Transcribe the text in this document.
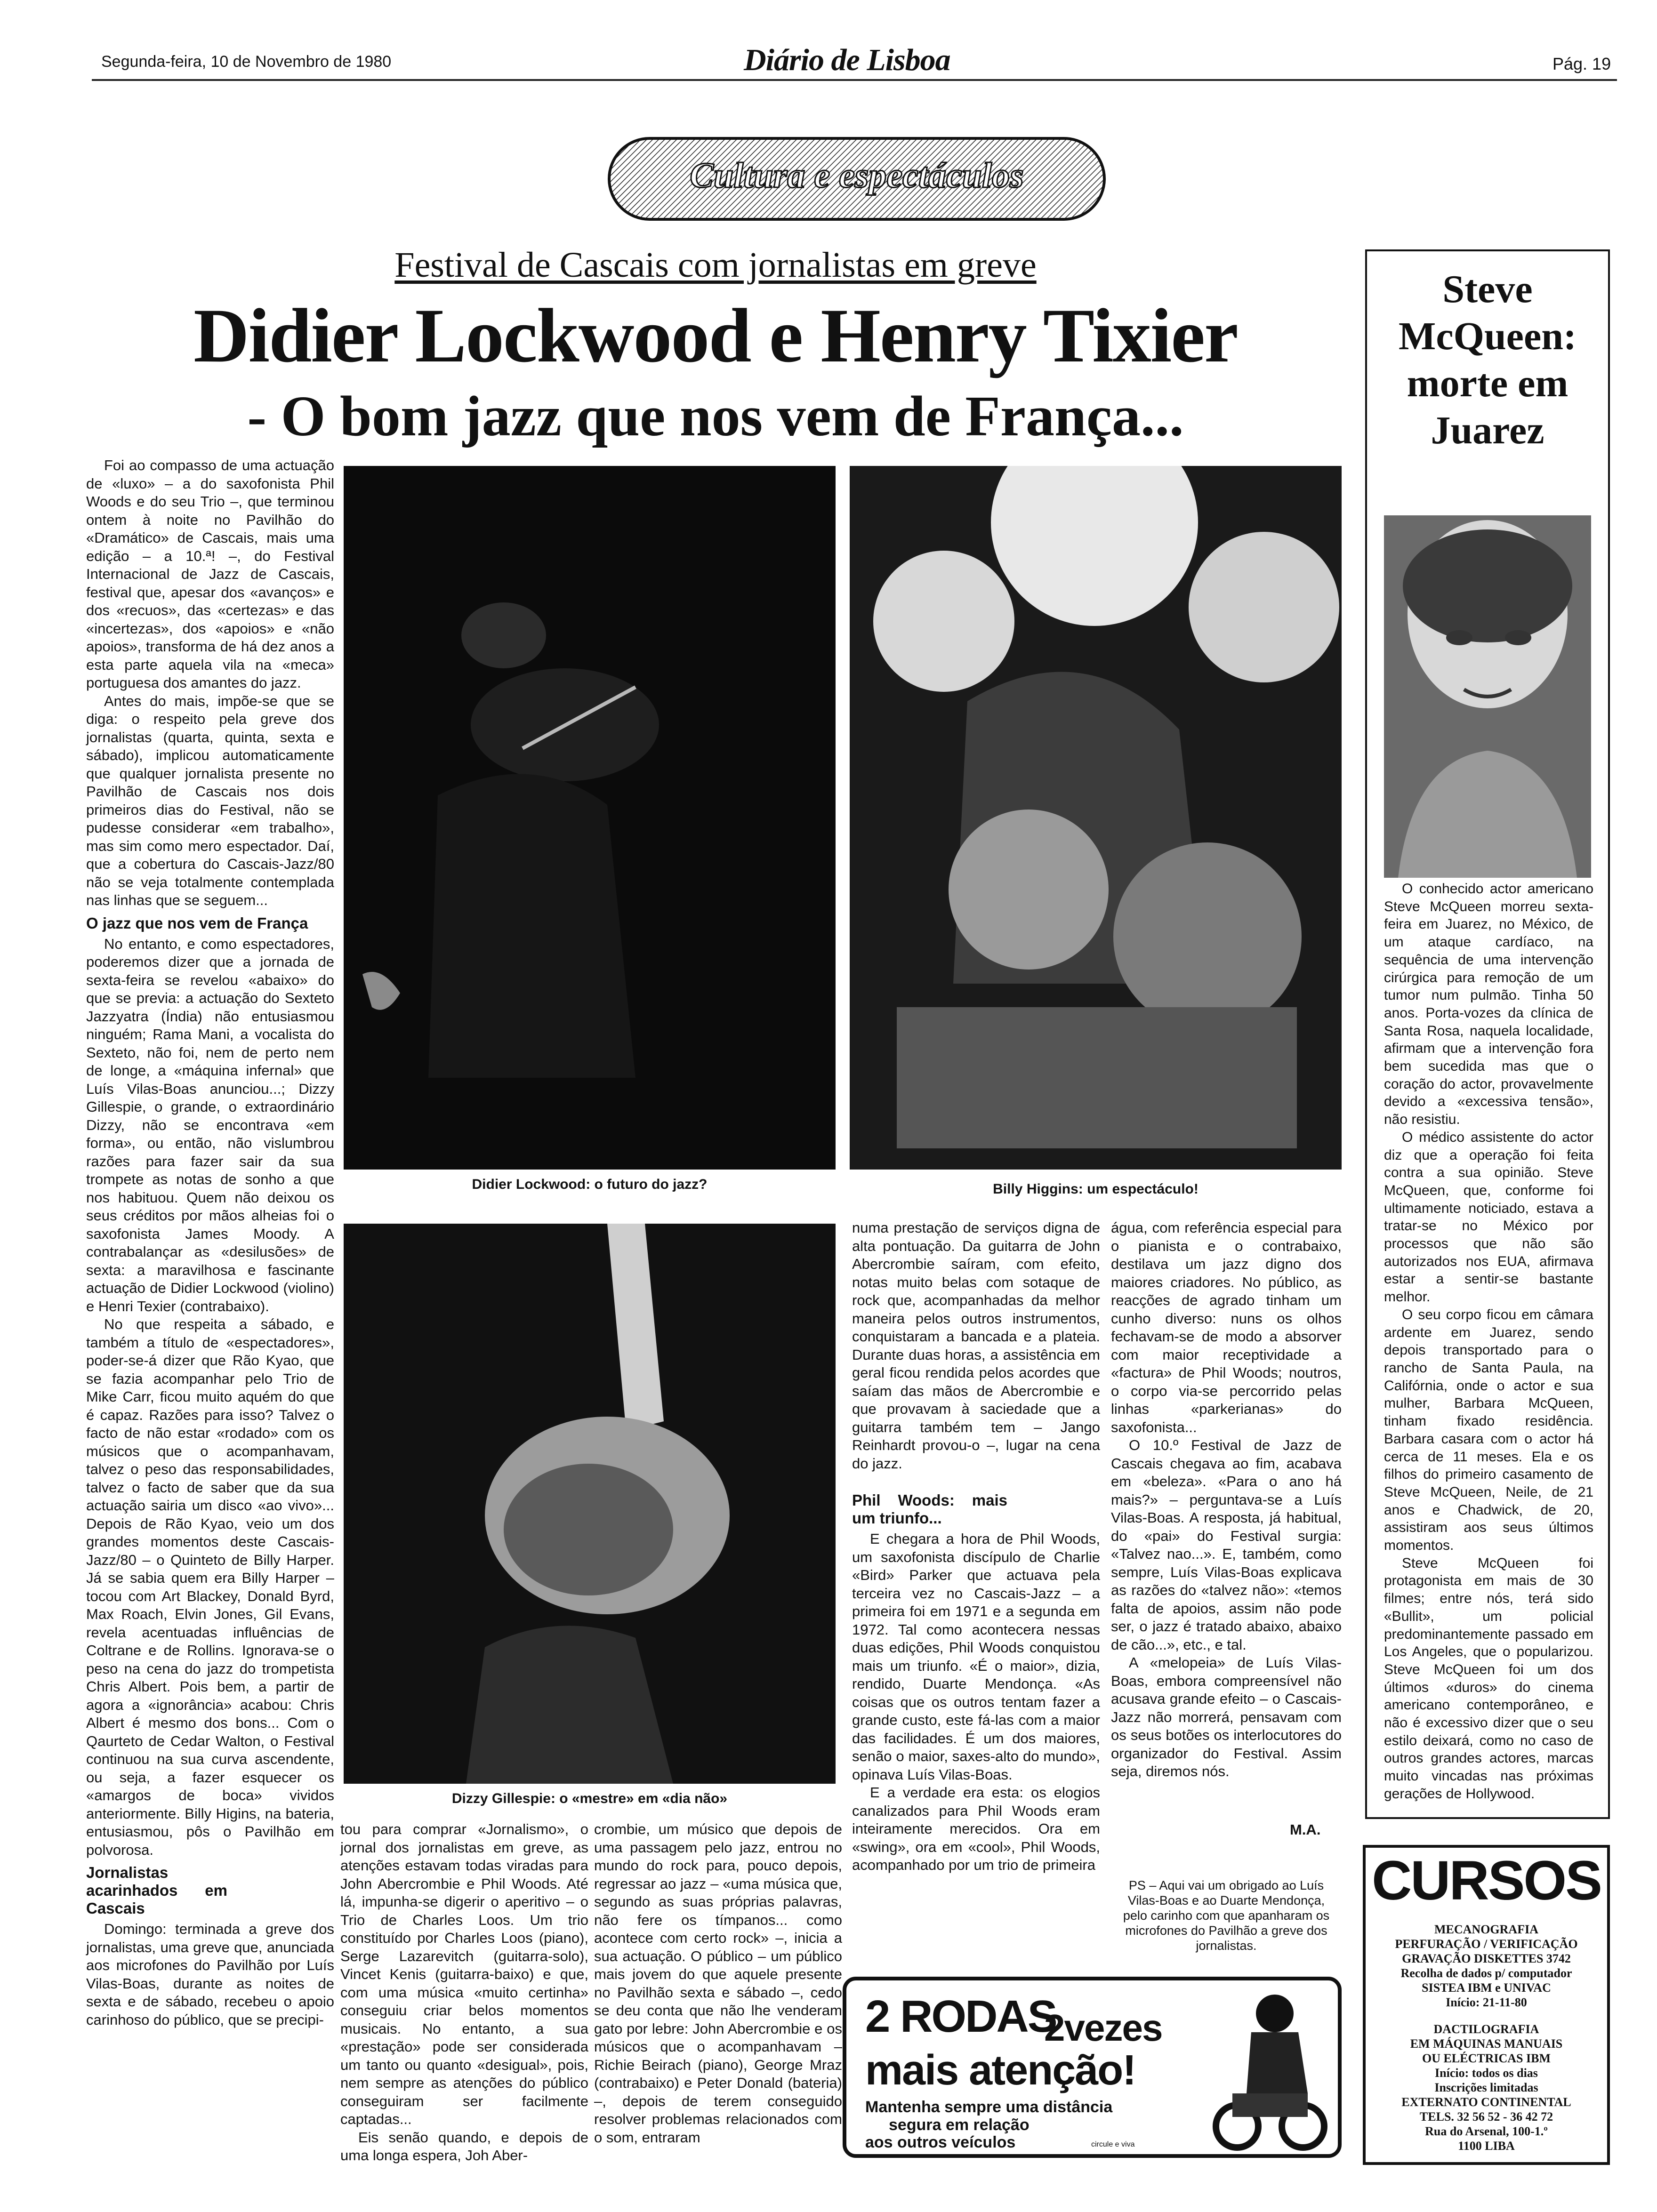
Segunda-feira, 10 de Novembro de 1980	Diário de Lisboa	Pág. 19
Cultura e espectáculos
Festival de Cascais com jornalistas em greve
Didier Lockwood e Henry Tixier
- O bom jazz que nos vem de França...

Foi ao compasso de uma actuação de «luxo» – a do saxofonista Phil Woods e do seu Trio –, que terminou ontem à noite no Pavilhão do «Dramático» de Cascais, mais uma edição – a 10.ª! –, do Festival Internacional de Jazz de Cascais, festival que, apesar dos «avanços» e dos «recuos», das «certezas» e das «incertezas», dos «apoios» e «não apoios», transforma de há dez anos a esta parte aquela vila na «meca» portuguesa dos amantes do jazz.

Antes do mais, impõe-se que se diga: o respeito pela greve dos jornalistas (quarta, quinta, sexta e sábado), implicou automaticamente que qualquer jornalista presente no Pavilhão de Cascais nos dois primeiros dias do Festival, não se pudesse considerar «em trabalho», mas sim como mero espectador. Daí, que a cobertura do Cascais-Jazz/80 não se veja totalmente contemplada nas linhas que se seguem...

O jazz que nos vem de França

No entanto, e como espectadores, poderemos dizer que a jornada de sexta-feira se revelou «abaixo» do que se previa: a actuação do Sexteto Jazzyatra (Índia) não entusiasmou ninguém; Rama Mani, a vocalista do Sexteto, não foi, nem de perto nem de longe, a «máquina infernal» que Luís Vilas-Boas anunciou...; Dizzy Gillespie, o grande, o extraordinário Dizzy, não se encontrava «em forma», ou então, não vislumbrou razões para fazer sair da sua trompete as notas de sonho a que nos habituou. Quem não deixou os seus créditos por mãos alheias foi o saxofonista James Moody. A contrabalançar as «desilusões» de sexta: a maravilhosa e fascinante actuação de Didier Lockwood (violino) e Henri Texier (contrabaixo).

No que respeita a sábado, e também a título de «espectadores», poder-se-á dizer que Rão Kyao, que se fazia acompanhar pelo Trio de Mike Carr, ficou muito aquém do que é capaz. Razões para isso? Talvez o facto de não estar «rodado» com os músicos que o acompanhavam, talvez o peso das responsabilidades, talvez o facto de saber que da sua actuação sairia um disco «ao vivo»... Depois de Rão Kyao, veio um dos grandes momentos deste Cascais-Jazz/80 – o Quinteto de Billy Harper. Já se sabia quem era Billy Harper – tocou com Art Blackey, Donald Byrd, Max Roach, Elvin Jones, Gil Evans, revela acentuadas influências de Coltrane e de Rollins. Ignorava-se o peso na cena do jazz do trompetista Chris Albert. Pois bem, a partir de agora a «ignorância» acabou: Chris Albert é mesmo dos bons... Com o Qaurteto de Cedar Walton, o Festival continuou na sua curva ascendente, ou seja, a fazer esquecer os «amargos de boca» vividos anteriormente. Billy Higins, na bateria, entusiasmou, pôs o Pavilhão em polvorosa.

Jornalistas acarinhados em Cascais

Domingo: terminada a greve dos jornalistas, uma greve que, anunciada aos microfones do Pavilhão por Luís Vilas-Boas, durante as noites de sexta e de sábado, recebeu o apoio carinhoso do público, que se precipi-

Didier Lockwood: o futuro do jazz?	Billy Higgins: um espectáculo!
Dizzy Gillespie: o «mestre» em «dia não»

tou para comprar «Jornalismo», o jornal dos jornalistas em greve, as atenções estavam todas viradas para John Abercrombie e Phil Woods. Até lá, impunha-se digerir o aperitivo – o Trio de Charles Loos. Um trio constituído por Charles Loos (piano), Serge Lazarevitch (guitarra-solo), Vincet Kenis (guitarra-baixo) e que, com uma música «muito certinha» conseguiu criar belos momentos musicais. No entanto, a sua «prestação» pode ser considerada um tanto ou quanto «desigual», pois, nem sempre as atenções do público conseguiram ser facilmente captadas...

Eis senão quando, e depois de uma longa espera, Joh Aber-

crombie, um músico que depois de uma passagem pelo jazz, entrou no mundo do rock para, pouco depois, regressar ao jazz – «uma música que, segundo as suas próprias palavras, não fere os tímpanos... como acontece com certo rock» –, inicia a sua actuação. O público – um público mais jovem do que aquele presente no Pavilhão sexta e sábado –, cedo se deu conta que não lhe venderam gato por lebre: John Abercrombie e os músicos que o acompanhavam – Richie Beirach (piano), George Mraz (contrabaixo) e Peter Donald (bateria) –, depois de terem conseguido resolver problemas relacionados com o som, entraram

numa prestação de serviços digna de alta pontuação. Da guitarra de John Abercrombie saíram, com efeito, notas muito belas com sotaque de rock que, acompanhadas da melhor maneira pelos outros instrumentos, conquistaram a bancada e a plateia. Durante duas horas, a assistência em geral ficou rendida pelos acordes que saíam das mãos de Abercrombie e que provavam à saciedade que a guitarra também tem – Jango Reinhardt provou-o –, lugar na cena do jazz.

Phil Woods: mais um triunfo...

E chegara a hora de Phil Woods, um saxofonista discípulo de Charlie «Bird» Parker que actuava pela terceira vez no Cascais-Jazz – a primeira foi em 1971 e a segunda em 1972. Tal como acontecera nessas duas edições, Phil Woods conquistou mais um triunfo. «É o maior», dizia, rendido, Duarte Mendonça. «As coisas que os outros tentam fazer a grande custo, este fá-las com a maior das facilidades. É um dos maiores, senão o maior, saxes-alto do mundo», opinava Luís Vilas-Boas.

E a verdade era esta: os elogios canalizados para Phil Woods eram inteiramente merecidos. Ora em «swing», ora em «cool», Phil Woods, acompanhado por um trio de primeira

água, com referência especial para o pianista e o contrabaixo, destilava um jazz digno dos maiores criadores. No público, as reacções de agrado tinham um cunho diverso: nuns os olhos fechavam-se de modo a absorver com maior receptividade a «factura» de Phil Woods; noutros, o corpo via-se percorrido pelas linhas «parkerianas» do saxofonista...

O 10.º Festival de Jazz de Cascais chegava ao fim, acabava em «beleza». «Para o ano há mais?» – perguntava-se a Luís Vilas-Boas. A resposta, já habitual, do «pai» do Festival surgia: «Talvez nao...». E, também, como sempre, Luís Vilas-Boas explicava as razões do «talvez não»: «temos falta de apoios, assim não pode ser, o jazz é tratado abaixo, abaixo de cão...», etc., e tal.

A «melopeia» de Luís Vilas-Boas, embora compreensível não acusava grande efeito – o Cascais-Jazz não morrerá, pensavam com os seus botões os interlocutores do organizador do Festival. Assim seja, diremos nós.

M.A.
PS – Aqui vai um obrigado ao Luís Vilas-Boas e ao Duarte Mendonça, pelo carinho com que apanharam os microfones do Pavilhão a greve dos jornalistas.
2 RODAS
2vezes
mais atenção!
Mantenha sempre uma distância
segura em relação
aos outros veículos	circule e viva
Steve McQueen: morte em Juarez

O conhecido actor americano Steve McQueen morreu sexta-feira em Juarez, no México, de um ataque cardíaco, na sequência de uma intervenção cirúrgica para remoção de um tumor num pulmão. Tinha 50 anos. Porta-vozes da clínica de Santa Rosa, naquela localidade, afirmam que a intervenção fora bem sucedida mas que o coração do actor, provavelmente devido a «excessiva tensão», não resistiu.

O médico assistente do actor diz que a operação foi feita contra a sua opinião. Steve McQueen, que, conforme foi ultimamente noticiado, estava a tratar-se no México por processos que não são autorizados nos EUA, afirmava estar a sentir-se bastante melhor.

O seu corpo ficou em câmara ardente em Juarez, sendo depois transportado para o rancho de Santa Paula, na Califórnia, onde o actor e sua mulher, Barbara McQueen, tinham fixado residência. Barbara casara com o actor há cerca de 11 meses. Ela e os filhos do primeiro casamento de Steve McQueen, Neile, de 21 anos e Chadwick, de 20, assistiram aos seus últimos momentos.

Steve McQueen foi protagonista em mais de 30 filmes; entre nós, terá sido «Bullit», um policial predominantemente passado em Los Angeles, que o popularizou. Steve McQueen foi um dos últimos «duros» do cinema americano contemporâneo, e não é excessivo dizer que o seu estilo deixará, como no caso de outros grandes actores, marcas muito vincadas nas próximas gerações de Hollywood.

CURSOS
MECANOGRAFIA
PERFURAÇÃO / VERIFICAÇÃO
GRAVAÇÃO DISKETTES 3742
Recolha de dados p/ computador
SISTEA IBM e UNIVAC
Início: 21-11-80
DACTILOGRAFIA
EM MÁQUINAS MANUAIS
OU ELÉCTRICAS IBM
Início: todos os dias
Inscrições limitadas
EXTERNATO CONTINENTAL
TELS. 32 56 52 - 36 42 72
Rua do Arsenal, 100-1.º
1100 LIBA
